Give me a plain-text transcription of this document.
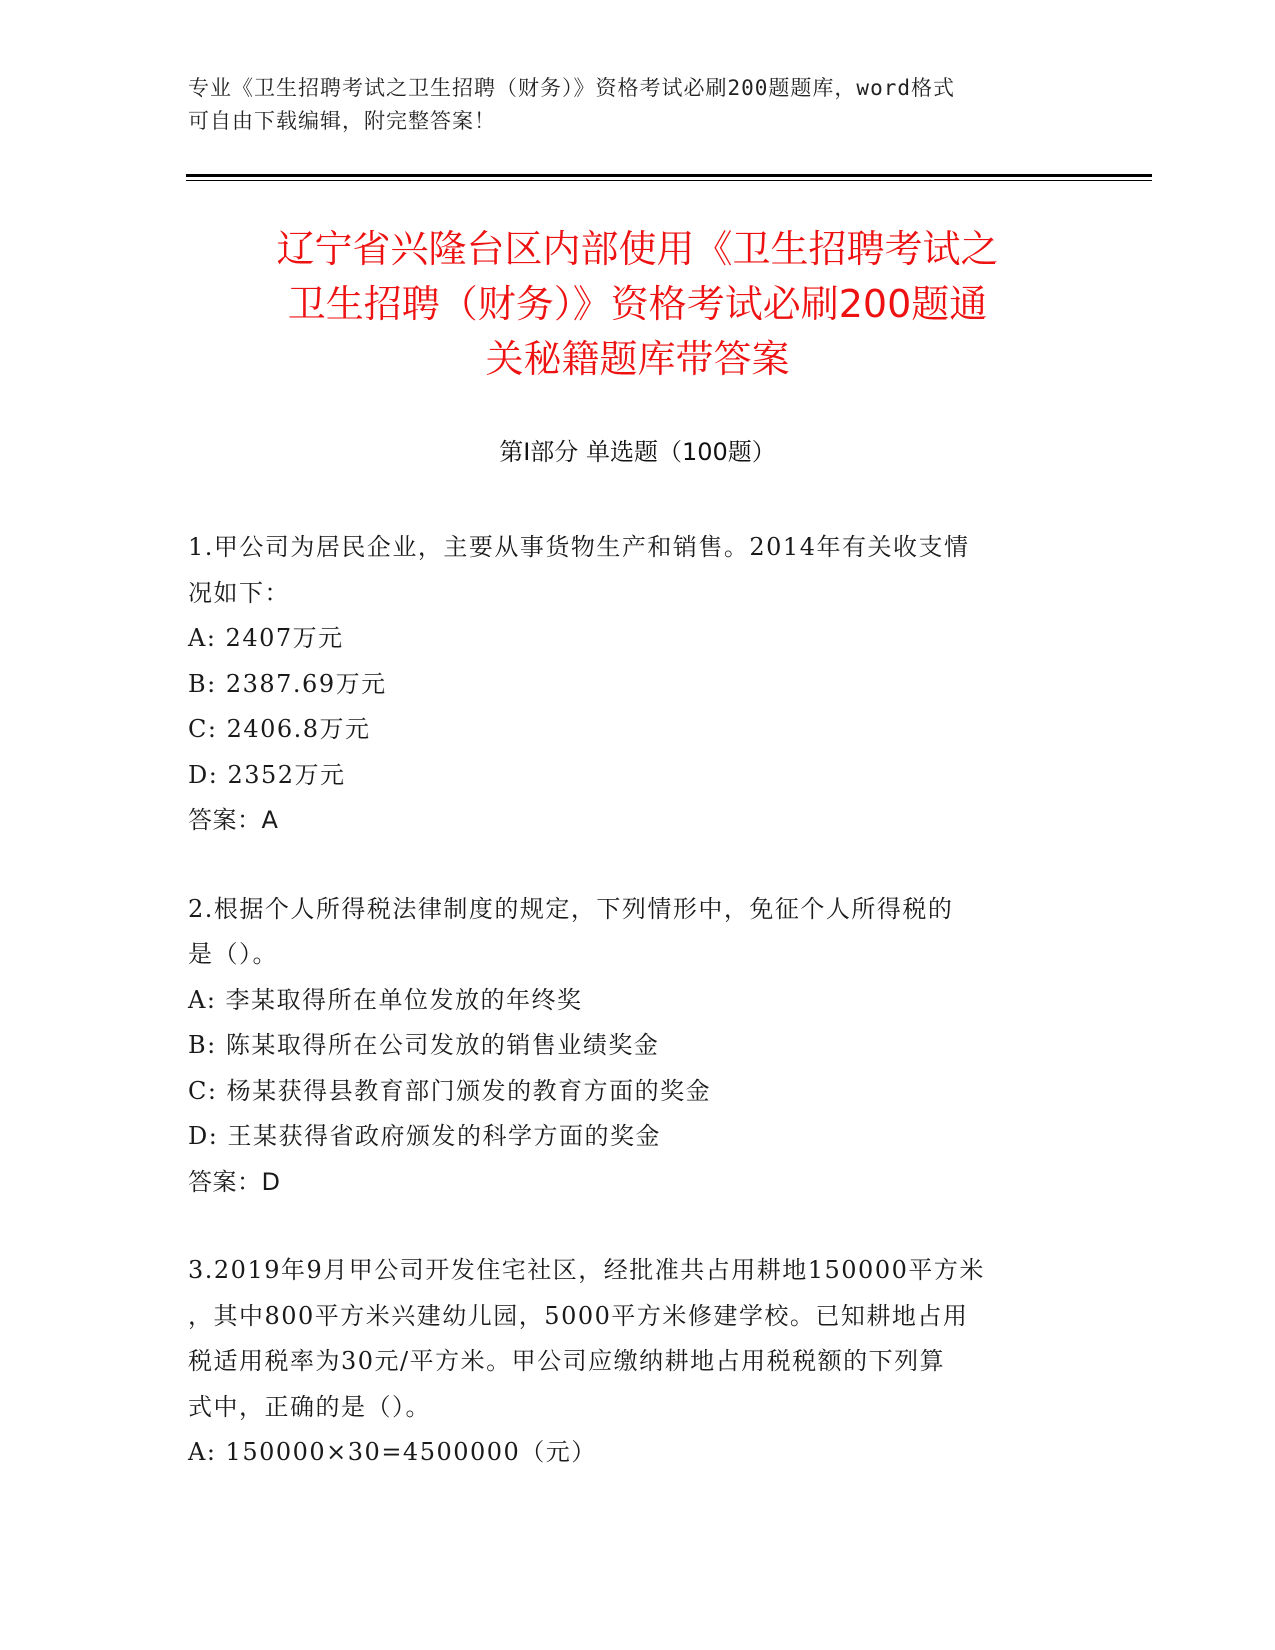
专业《卫生招聘考试之卫生招聘（财务）》资格考试必刷200题题库，word格式
可自由下载编辑，附完整答案！
辽宁省兴隆台区内部使用《卫生招聘考试之
卫生招聘（财务）》资格考试必刷200题通
关秘籍题库带答案
第Ⅰ部分 单选题（100题）
1.甲公司为居民企业，主要从事货物生产和销售。2014年有关收支情
况如下：
A: 2407万元
B: 2387.69万元
C: 2406.8万元
D: 2352万元
答案：A
2.根据个人所得税法律制度的规定，下列情形中，免征个人所得税的
是（）。
A: 李某取得所在单位发放的年终奖
B: 陈某取得所在公司发放的销售业绩奖金
C: 杨某获得县教育部门颁发的教育方面的奖金
D: 王某获得省政府颁发的科学方面的奖金
答案：D
3.2019年9月甲公司开发住宅社区，经批准共占用耕地150000平方米
，其中800平方米兴建幼儿园，5000平方米修建学校。已知耕地占用
税适用税率为30元/平方米。甲公司应缴纳耕地占用税税额的下列算
式中，正确的是（）。
A: 150000×30=4500000（元）
